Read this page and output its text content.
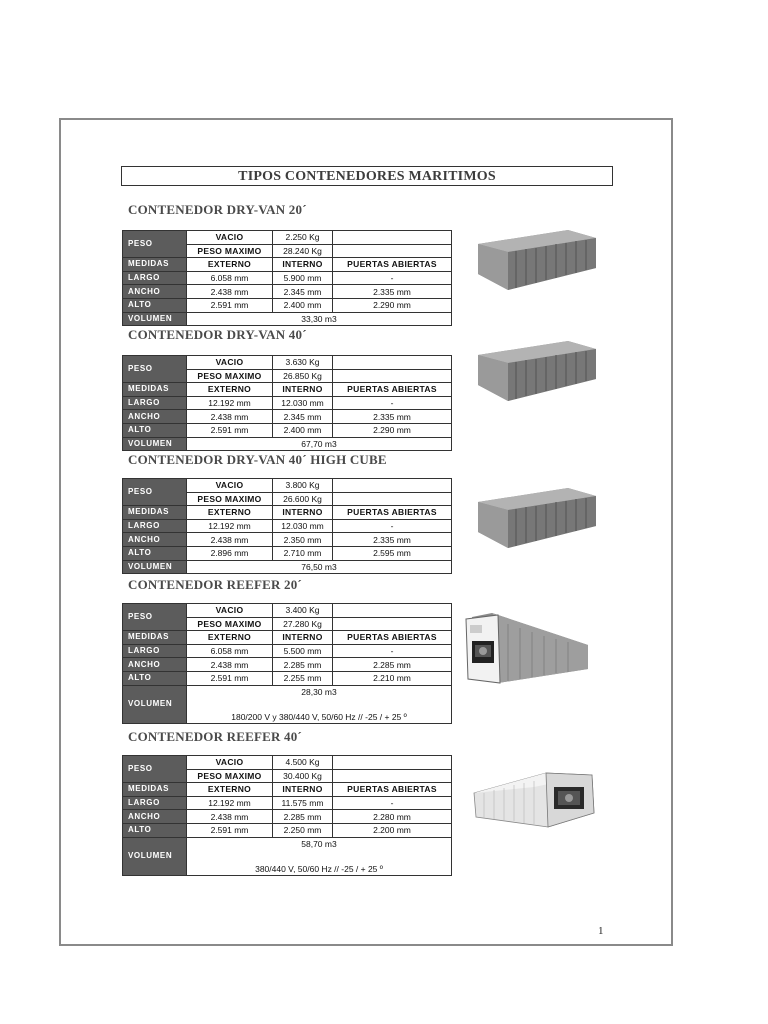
TIPOS CONTENEDORES MARITIMOS
CONTENEDOR DRY-VAN 20´
PESO	VACIO	2.250 Kg	
	PESO MAXIMO	28.240 Kg	
MEDIDAS	EXTERNO	INTERNO	PUERTAS ABIERTAS
LARGO	6.058 mm	5.900 mm	-
ANCHO	2.438 mm	2.345 mm	2.335 mm
ALTO	2.591 mm	2.400 mm	2.290 mm
VOLUMEN	33,30 m3		
CONTENEDOR DRY-VAN 40´
PESO	VACIO	3.630 Kg	
	PESO MAXIMO	26.850 Kg	
MEDIDAS	EXTERNO	INTERNO	PUERTAS ABIERTAS
LARGO	12.192 mm	12.030 mm	-
ANCHO	2.438 mm	2.345 mm	2.335 mm
ALTO	2.591 mm	2.400 mm	2.290 mm
VOLUMEN	67,70 m3		
CONTENEDOR DRY-VAN 40´ HIGH CUBE
PESO	VACIO	3.800 Kg	
	PESO MAXIMO	26.600 Kg	
MEDIDAS	EXTERNO	INTERNO	PUERTAS ABIERTAS
LARGO	12.192 mm	12.030 mm	-
ANCHO	2.438 mm	2.350 mm	2.335 mm
ALTO	2.896 mm	2.710 mm	2.595 mm
VOLUMEN	76,50 m3		
CONTENEDOR REEFER 20´
PESO	VACIO	3.400 Kg	
	PESO MAXIMO	27.280 Kg	
MEDIDAS	EXTERNO	INTERNO	PUERTAS ABIERTAS
LARGO	6.058 mm	5.500 mm	-
ANCHO	2.438 mm	2.285 mm	2.285 mm
ALTO	2.591 mm	2.255 mm	2.210 mm
VOLUMEN	28,30 m3
180/200 V y 380/440 V, 50/60 Hz // -25 / + 25 º		
CONTENEDOR REEFER 40´
PESO	VACIO	4.500 Kg	
	PESO MAXIMO	30.400 Kg	
MEDIDAS	EXTERNO	INTERNO	PUERTAS ABIERTAS
LARGO	12.192 mm	11.575 mm	-
ANCHO	2.438 mm	2.285 mm	2.280 mm
ALTO	2.591 mm	2.250 mm	2.200 mm
VOLUMEN	58,70 m3
380/440 V, 50/60 Hz // -25 / + 25 º		
1
